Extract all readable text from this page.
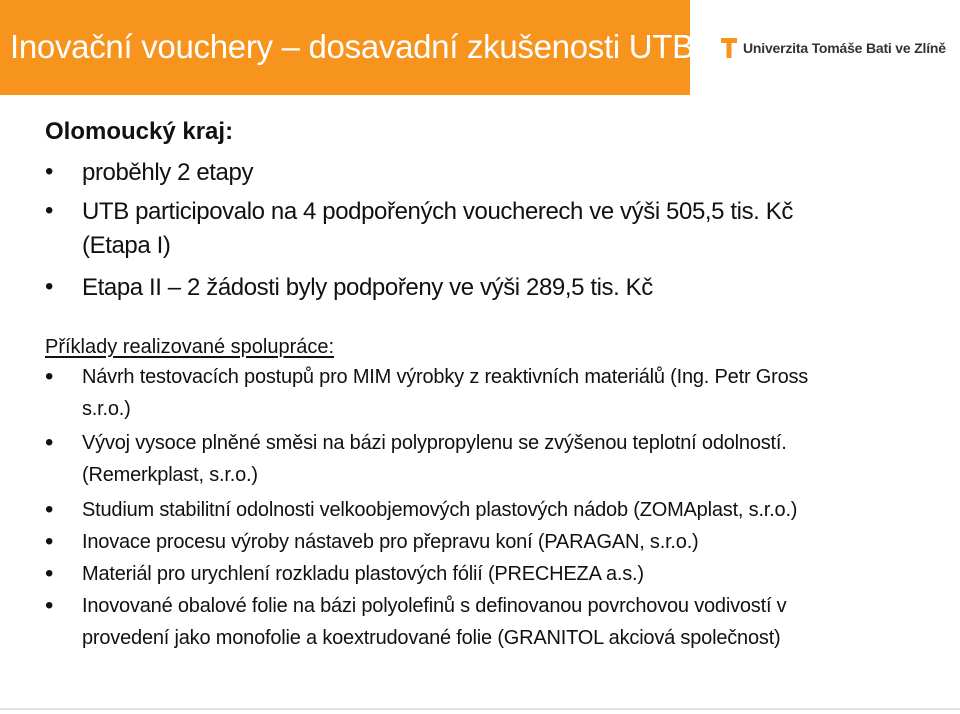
Inovační vouchery – dosavadní zkušenosti UTB	Univerzita Tomáše Bati ve Zlíně
Olomoucký kraj:
• proběhly 2 etapy
• UTB participovalo na 4 podpořených voucherech ve výši 505,5 tis. Kč
(Etapa I)
• Etapa II – 2 žádosti byly podpořeny ve výši 289,5 tis. Kč
Příklady realizované spolupráce:
• Návrh testovacích postupů pro MIM výrobky z reaktivních materiálů (Ing. Petr Gross
s.r.o.)
• Vývoj vysoce plněné směsi na bázi polypropylenu se zvýšenou teplotní odolností.
(Remerkplast, s.r.o.)
• Studium stabilitní odolnosti velkoobjemových plastových nádob (ZOMAplast, s.r.o.)
• Inovace procesu výroby nástaveb pro přepravu koní (PARAGAN, s.r.o.)
• Materiál pro urychlení rozkladu plastových fólií (PRECHEZA a.s.)
• Inovované obalové folie na bázi polyolefinů s definovanou povrchovou vodivostí v
provedení jako monofolie a koextrudované folie (GRANITOL akciová společnost)
